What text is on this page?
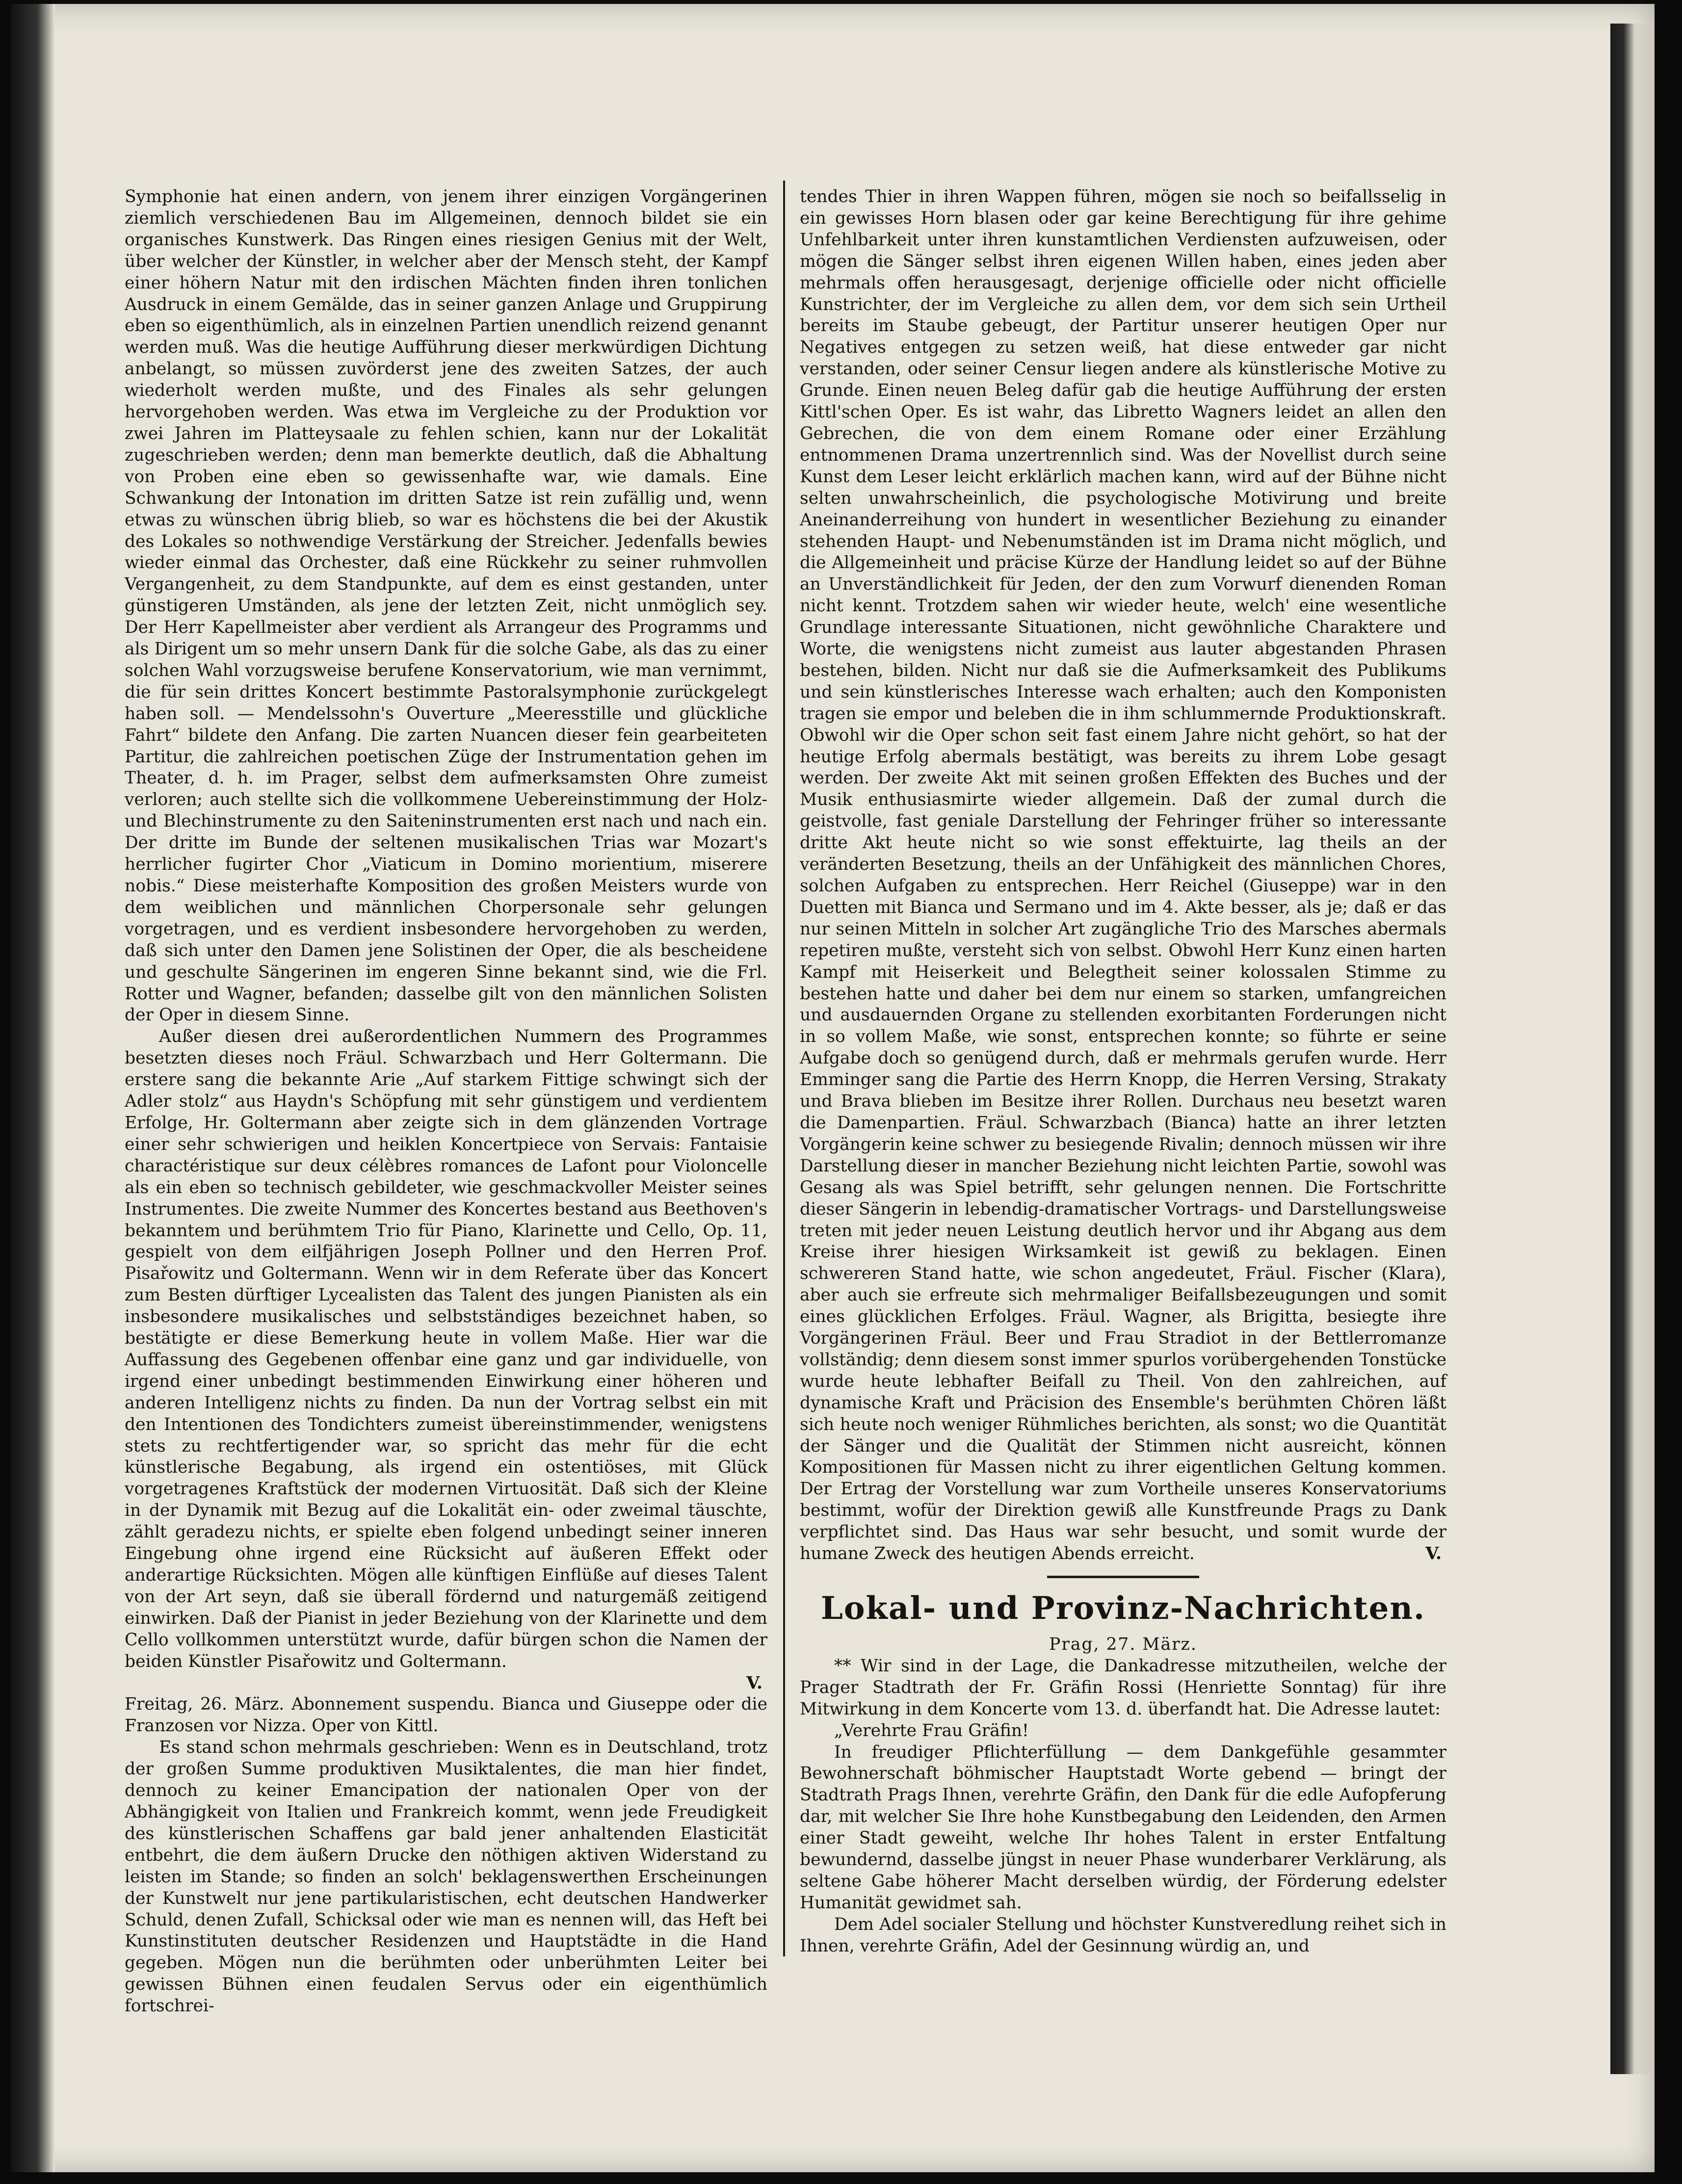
Symphonie hat einen andern, von jenem ihrer einzigen Vorgängerinen ziemlich verschiedenen Bau im Allgemeinen, dennoch bildet sie ein organisches Kunstwerk. Das Ringen eines riesigen Genius mit der Welt, über welcher der Künstler, in welcher aber der Mensch steht, der Kampf einer höhern Natur mit den irdischen Mächten finden ihren tonlichen Ausdruck in einem Gemälde, das in seiner ganzen Anlage und Gruppirung eben so eigenthümlich, als in einzelnen Partien unendlich reizend genannt werden muß. Was die heutige Aufführung dieser merkwürdigen Dichtung anbelangt, so müssen zuvörderst jene des zweiten Satzes, der auch wiederholt werden mußte, und des Finales als sehr gelungen hervorgehoben werden. Was etwa im Vergleiche zu der Produktion vor zwei Jahren im Platteysaale zu fehlen schien, kann nur der Lokalität zugeschrieben werden; denn man bemerkte deutlich, daß die Abhaltung von Proben eine eben so gewissenhafte war, wie damals. Eine Schwankung der Intonation im dritten Satze ist rein zufällig und, wenn etwas zu wünschen übrig blieb, so war es höchstens die bei der Akustik des Lokales so nothwendige Verstärkung der Streicher. Jedenfalls bewies wieder einmal das Orchester, daß eine Rückkehr zu seiner ruhmvollen Vergangenheit, zu dem Standpunkte, auf dem es einst gestanden, unter günstigeren Umständen, als jene der letzten Zeit, nicht unmöglich sey. Der Herr Kapellmeister aber verdient als Arrangeur des Programms und als Dirigent um so mehr unsern Dank für die solche Gabe, als das zu einer solchen Wahl vorzugsweise berufene Konservatorium, wie man vernimmt, die für sein drittes Koncert bestimmte Pastoralsymphonie zurückgelegt haben soll. — Mendelssohn's Ouverture „Meeresstille und glückliche Fahrt“ bildete den Anfang. Die zarten Nuancen dieser fein gearbeiteten Partitur, die zahlreichen poetischen Züge der Instrumentation gehen im Theater, d. h. im Prager, selbst dem aufmerksamsten Ohre zumeist verloren; auch stellte sich die vollkommene Uebereinstimmung der Holz- und Blechinstrumente zu den Saiteninstrumenten erst nach und nach ein. Der dritte im Bunde der seltenen musikalischen Trias war Mozart's herrlicher fugirter Chor „Viaticum in Domino morientium, miserere nobis.“ Diese meisterhafte Komposition des großen Meisters wurde von dem weiblichen und männlichen Chorpersonale sehr gelungen vorgetragen, und es verdient insbesondere hervorgehoben zu werden, daß sich unter den Damen jene Solistinen der Oper, die als bescheidene und geschulte Sängerinen im engeren Sinne bekannt sind, wie die Frl. Rotter und Wagner, befanden; dasselbe gilt von den männlichen Solisten der Oper in diesem Sinne.

Außer diesen drei außerordentlichen Nummern des Programmes besetzten dieses noch Fräul. Schwarzbach und Herr Goltermann. Die erstere sang die bekannte Arie „Auf starkem Fittige schwingt sich der Adler stolz“ aus Haydn's Schöpfung mit sehr günstigem und verdientem Erfolge, Hr. Goltermann aber zeigte sich in dem glänzenden Vortrage einer sehr schwierigen und heiklen Koncertpiece von Servais: Fantaisie charactéristique sur deux célèbres romances de Lafont pour Violoncelle als ein eben so technisch gebildeter, wie geschmackvoller Meister seines Instrumentes. Die zweite Nummer des Koncertes bestand aus Beethoven's bekanntem und berühmtem Trio für Piano, Klarinette und Cello, Op. 11, gespielt von dem eilfjährigen Joseph Pollner und den Herren Prof. Pisařowitz und Goltermann. Wenn wir in dem Referate über das Koncert zum Besten dürftiger Lycealisten das Talent des jungen Pianisten als ein insbesondere musikalisches und selbstständiges bezeichnet haben, so bestätigte er diese Bemerkung heute in vollem Maße. Hier war die Auffassung des Gegebenen offenbar eine ganz und gar individuelle, von irgend einer unbedingt bestimmenden Einwirkung einer höheren und anderen Intelligenz nichts zu finden. Da nun der Vortrag selbst ein mit den Intentionen des Tondichters zumeist übereinstimmender, wenigstens stets zu rechtfertigender war, so spricht das mehr für die echt künstlerische Begabung, als irgend ein ostentiöses, mit Glück vorgetragenes Kraftstück der modernen Virtuosität. Daß sich der Kleine in der Dynamik mit Bezug auf die Lokalität ein- oder zweimal täuschte, zählt geradezu nichts, er spielte eben folgend unbedingt seiner inneren Eingebung ohne irgend eine Rücksicht auf äußeren Effekt oder anderartige Rücksichten. Mögen alle künftigen Einflüße auf dieses Talent von der Art seyn, daß sie überall fördernd und naturgemäß zeitigend einwirken. Daß der Pianist in jeder Beziehung von der Klarinette und dem Cello vollkommen unterstützt wurde, dafür bürgen schon die Namen der beiden Künstler Pisařowitz und Goltermann.

V.

Freitag, 26. März. Abonnement suspendu. Bianca und Giuseppe oder die Franzosen vor Nizza. Oper von Kittl.

Es stand schon mehrmals geschrieben: Wenn es in Deutschland, trotz der großen Summe produktiven Musiktalentes, die man hier findet, dennoch zu keiner Emancipation der nationalen Oper von der Abhängigkeit von Italien und Frankreich kommt, wenn jede Freudigkeit des künstlerischen Schaffens gar bald jener anhaltenden Elasticität entbehrt, die dem äußern Drucke den nöthigen aktiven Widerstand zu leisten im Stande; so finden an solch' beklagenswerthen Erscheinungen der Kunstwelt nur jene partikularistischen, echt deutschen Handwerker Schuld, denen Zufall, Schicksal oder wie man es nennen will, das Heft bei Kunstinstituten deutscher Residenzen und Hauptstädte in die Hand gegeben. Mögen nun die berühmten oder unberühmten Leiter bei gewissen Bühnen einen feudalen Servus oder ein eigenthümlich fortschrei-

tendes Thier in ihren Wappen führen, mögen sie noch so beifallsselig in ein gewisses Horn blasen oder gar keine Berechtigung für ihre gehime Unfehlbarkeit unter ihren kunstamtlichen Verdiensten aufzuweisen, oder mögen die Sänger selbst ihren eigenen Willen haben, eines jeden aber mehrmals offen herausgesagt, derjenige officielle oder nicht officielle Kunstrichter, der im Vergleiche zu allen dem, vor dem sich sein Urtheil bereits im Staube gebeugt, der Partitur unserer heutigen Oper nur Negatives entgegen zu setzen weiß, hat diese entweder gar nicht verstanden, oder seiner Censur liegen andere als künstlerische Motive zu Grunde. Einen neuen Beleg dafür gab die heutige Aufführung der ersten Kittl'schen Oper. Es ist wahr, das Libretto Wagners leidet an allen den Gebrechen, die von dem einem Romane oder einer Erzählung entnommenen Drama unzertrennlich sind. Was der Novellist durch seine Kunst dem Leser leicht erklärlich machen kann, wird auf der Bühne nicht selten unwahrscheinlich, die psychologische Motivirung und breite Aneinanderreihung von hundert in wesentlicher Beziehung zu einander stehenden Haupt- und Nebenumständen ist im Drama nicht möglich, und die Allgemeinheit und präcise Kürze der Handlung leidet so auf der Bühne an Unverständlichkeit für Jeden, der den zum Vorwurf dienenden Roman nicht kennt. Trotzdem sahen wir wieder heute, welch' eine wesentliche Grundlage interessante Situationen, nicht gewöhnliche Charaktere und Worte, die wenigstens nicht zumeist aus lauter abgestanden Phrasen bestehen, bilden. Nicht nur daß sie die Aufmerksamkeit des Publikums und sein künstlerisches Interesse wach erhalten; auch den Komponisten tragen sie empor und beleben die in ihm schlummernde Produktionskraft. Obwohl wir die Oper schon seit fast einem Jahre nicht gehört, so hat der heutige Erfolg abermals bestätigt, was bereits zu ihrem Lobe gesagt werden. Der zweite Akt mit seinen großen Effekten des Buches und der Musik enthusiasmirte wieder allgemein. Daß der zumal durch die geistvolle, fast geniale Darstellung der Fehringer früher so interessante dritte Akt heute nicht so wie sonst effektuirte, lag theils an der veränderten Besetzung, theils an der Unfähigkeit des männlichen Chores, solchen Aufgaben zu entsprechen. Herr Reichel (Giuseppe) war in den Duetten mit Bianca und Sermano und im 4. Akte besser, als je; daß er das nur seinen Mitteln in solcher Art zugängliche Trio des Marsches abermals repetiren mußte, versteht sich von selbst. Obwohl Herr Kunz einen harten Kampf mit Heiserkeit und Belegtheit seiner kolossalen Stimme zu bestehen hatte und daher bei dem nur einem so starken, umfangreichen und ausdauernden Organe zu stellenden exorbitanten Forderungen nicht in so vollem Maße, wie sonst, entsprechen konnte; so führte er seine Aufgabe doch so genügend durch, daß er mehrmals gerufen wurde. Herr Emminger sang die Partie des Herrn Knopp, die Herren Versing, Strakaty und Brava blieben im Besitze ihrer Rollen. Durchaus neu besetzt waren die Damenpartien. Fräul. Schwarzbach (Bianca) hatte an ihrer letzten Vorgängerin keine schwer zu besiegende Rivalin; dennoch müssen wir ihre Darstellung dieser in mancher Beziehung nicht leichten Partie, sowohl was Gesang als was Spiel betrifft, sehr gelungen nennen. Die Fortschritte dieser Sängerin in lebendig-dramatischer Vortrags- und Darstellungsweise treten mit jeder neuen Leistung deutlich hervor und ihr Abgang aus dem Kreise ihrer hiesigen Wirksamkeit ist gewiß zu beklagen. Einen schwereren Stand hatte, wie schon angedeutet, Fräul. Fischer (Klara), aber auch sie erfreute sich mehrmaliger Beifallsbezeugungen und somit eines glücklichen Erfolges. Fräul. Wagner, als Brigitta, besiegte ihre Vorgängerinen Fräul. Beer und Frau Stradiot in der Bettlerromanze vollständig; denn diesem sonst immer spurlos vorübergehenden Tonstücke wurde heute lebhafter Beifall zu Theil. Von den zahlreichen, auf dynamische Kraft und Präcision des Ensemble's berühmten Chören läßt sich heute noch weniger Rühmliches berichten, als sonst; wo die Quantität der Sänger und die Qualität der Stimmen nicht ausreicht, können Kompositionen für Massen nicht zu ihrer eigentlichen Geltung kommen. Der Ertrag der Vorstellung war zum Vortheile unseres Konservatoriums bestimmt, wofür der Direktion gewiß alle Kunstfreunde Prags zu Dank verpflichtet sind. Das Haus war sehr besucht, und somit wurde der humane Zweck des heutigen Abends erreicht.	V.

Lokal- und Provinz-Nachrichten.

Prag, 27. März.

** Wir sind in der Lage, die Dankadresse mitzutheilen, welche der Prager Stadtrath der Fr. Gräfin Rossi (Henriette Sonntag) für ihre Mitwirkung in dem Koncerte vom 13. d. überfandt hat. Die Adresse lautet:

„Verehrte Frau Gräfin!

In freudiger Pflichterfüllung — dem Dankgefühle gesammter Bewohnerschaft böhmischer Hauptstadt Worte gebend — bringt der Stadtrath Prags Ihnen, verehrte Gräfin, den Dank für die edle Aufopferung dar, mit welcher Sie Ihre hohe Kunstbegabung den Leidenden, den Armen einer Stadt geweiht, welche Ihr hohes Talent in erster Entfaltung bewundernd, dasselbe jüngst in neuer Phase wunderbarer Verklärung, als seltene Gabe höherer Macht derselben würdig, der Förderung edelster Humanität gewidmet sah.

Dem Adel socialer Stellung und höchster Kunstveredlung reihet sich in Ihnen, verehrte Gräfin, Adel der Gesinnung würdig an, und
